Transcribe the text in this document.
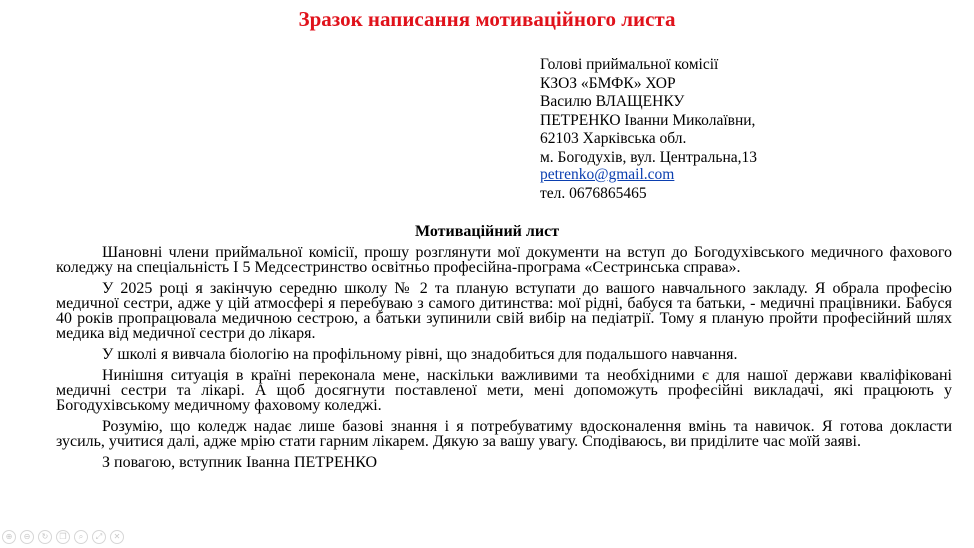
Зразок написання мотиваційного листа
Голові приймальної комісії
КЗОЗ «БМФК» ХОР
Василю ВЛАЩЕНКУ
ПЕТРЕНКО Іванни Миколаївни,
62103 Харківська обл.
м. Богодухів, вул. Центральна,13
petrenko@gmail.com
тел. 0676865465
Мотиваційний лист

Шановні члени приймальної комісії, прошу розглянути мої документи на вступ до Богодухівського медичного фахового коледжу на спеціальність I 5 Медсестринство освітньо професійна-програма «Сестринська справа».

У 2025 році я закінчую середню школу № 2 та планую вступати до вашого навчального закладу. Я обрала професію медичної сестри, адже у цій атмосфері я перебуваю з самого дитинства: мої рідні, бабуся та батьки, - медичні працівники. Бабуся 40 років пропрацювала медичною сестрою, а батьки зупинили свій вибір на педіатрії. Тому я планую пройти професійний шлях медика від медичної сестри до лікаря.

У школі я вивчала біологію на профільному рівні, що знадобиться для подальшого навчання.

Нинішня ситуація в країні переконала мене, наскільки важливими та необхідними є для нашої держави кваліфіковані медичні сестри та лікарі. А щоб досягнути поставленої мети, мені допоможуть професійні викладачі, які працюють у Богодухівському медичному фаховому коледжі.

Розумію, що коледж надає лише базові знання і я потребуватиму вдосконалення вмінь та навичок. Я готова докласти зусиль, учитися далі, адже мрію стати гарним лікарем. Дякую за вашу увагу. Сподіваюсь, ви приділите час моїй заяві.

З повагою, вступник Іванна ПЕТРЕНКО

⊕	⊖	↻	❐	⌕	⤢	✕
